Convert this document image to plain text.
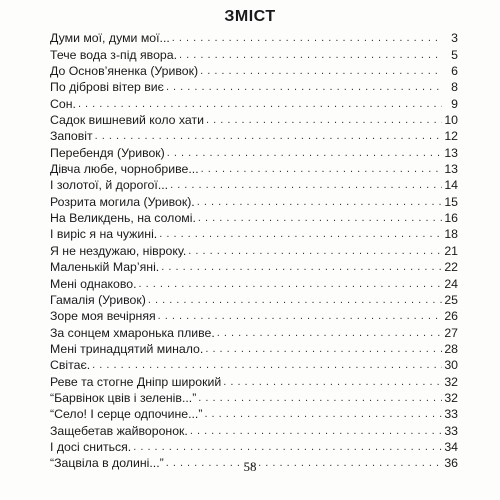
ЗМІСТ
Думи мої, думи мої... . . .	3
Тече вода з-під явора. . . .	5
До Основ’яненка (Уривок) . . .	6
По діброві вітер виє . . .	8
Сон. . . .	9
Садок вишневий коло хати . . .	10
Заповіт . . .	12
Перебендя (Уривок) . . .	13
Дівча любе, чорнобриве... . . .	13
І золотої, й дорогої... . . .	14
Розрита могила (Уривок). . . .	15
На Великдень, на соломі. . . .	16
І виріс я на чужині. . . .	18
Я не нездужаю, нівроку. . . .	21
Маленькій Мар’яні. . . .	22
Мені однаково. . . .	24
Гамалія (Уривок) . . .	25
Зоре моя вечірняя . . .	26
За сонцем хмаронька пливе. . . .	27
Мені тринадцятий минало. . . .	28
Світає. . . .	30
Реве та стогне Дніпр широкий . . .	32
“Барвінок цвів і зеленів...” . . .	32
“Село! І серце одпочине...” . . .	33
Защебетав жайворонок. . . .	33
І досі сниться. . . .	34
“Зацвіла в долині...” . . .	36
58
